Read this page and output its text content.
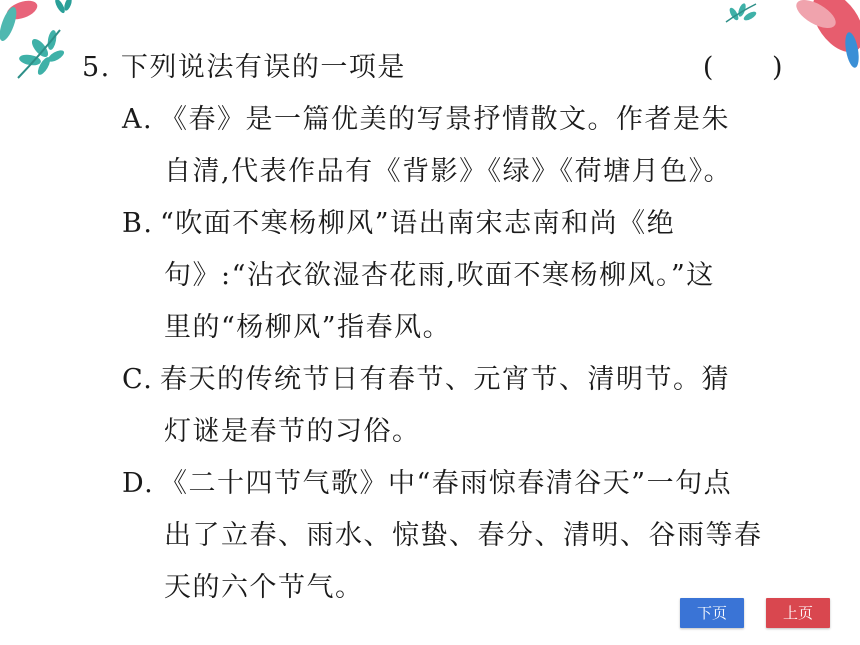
5. 下列说法有误的一项是	(　　)
A. 《春》是一篇优美的写景抒情散文。作者是朱
自清,代表作品有《背影》《绿》《荷塘月色》。
B. “吹面不寒杨柳风”语出南宋志南和尚《绝
句》:“沾衣欲湿杏花雨,吹面不寒杨柳风。”这
里的“杨柳风”指春风。
C. 春天的传统节日有春节、元宵节、清明节。猜
灯谜是春节的习俗。
D. 《二十四节气歌》中“春雨惊春清谷天”一句点
出了立春、雨水、惊蛰、春分、清明、谷雨等春
天的六个节气。
下页	上页
